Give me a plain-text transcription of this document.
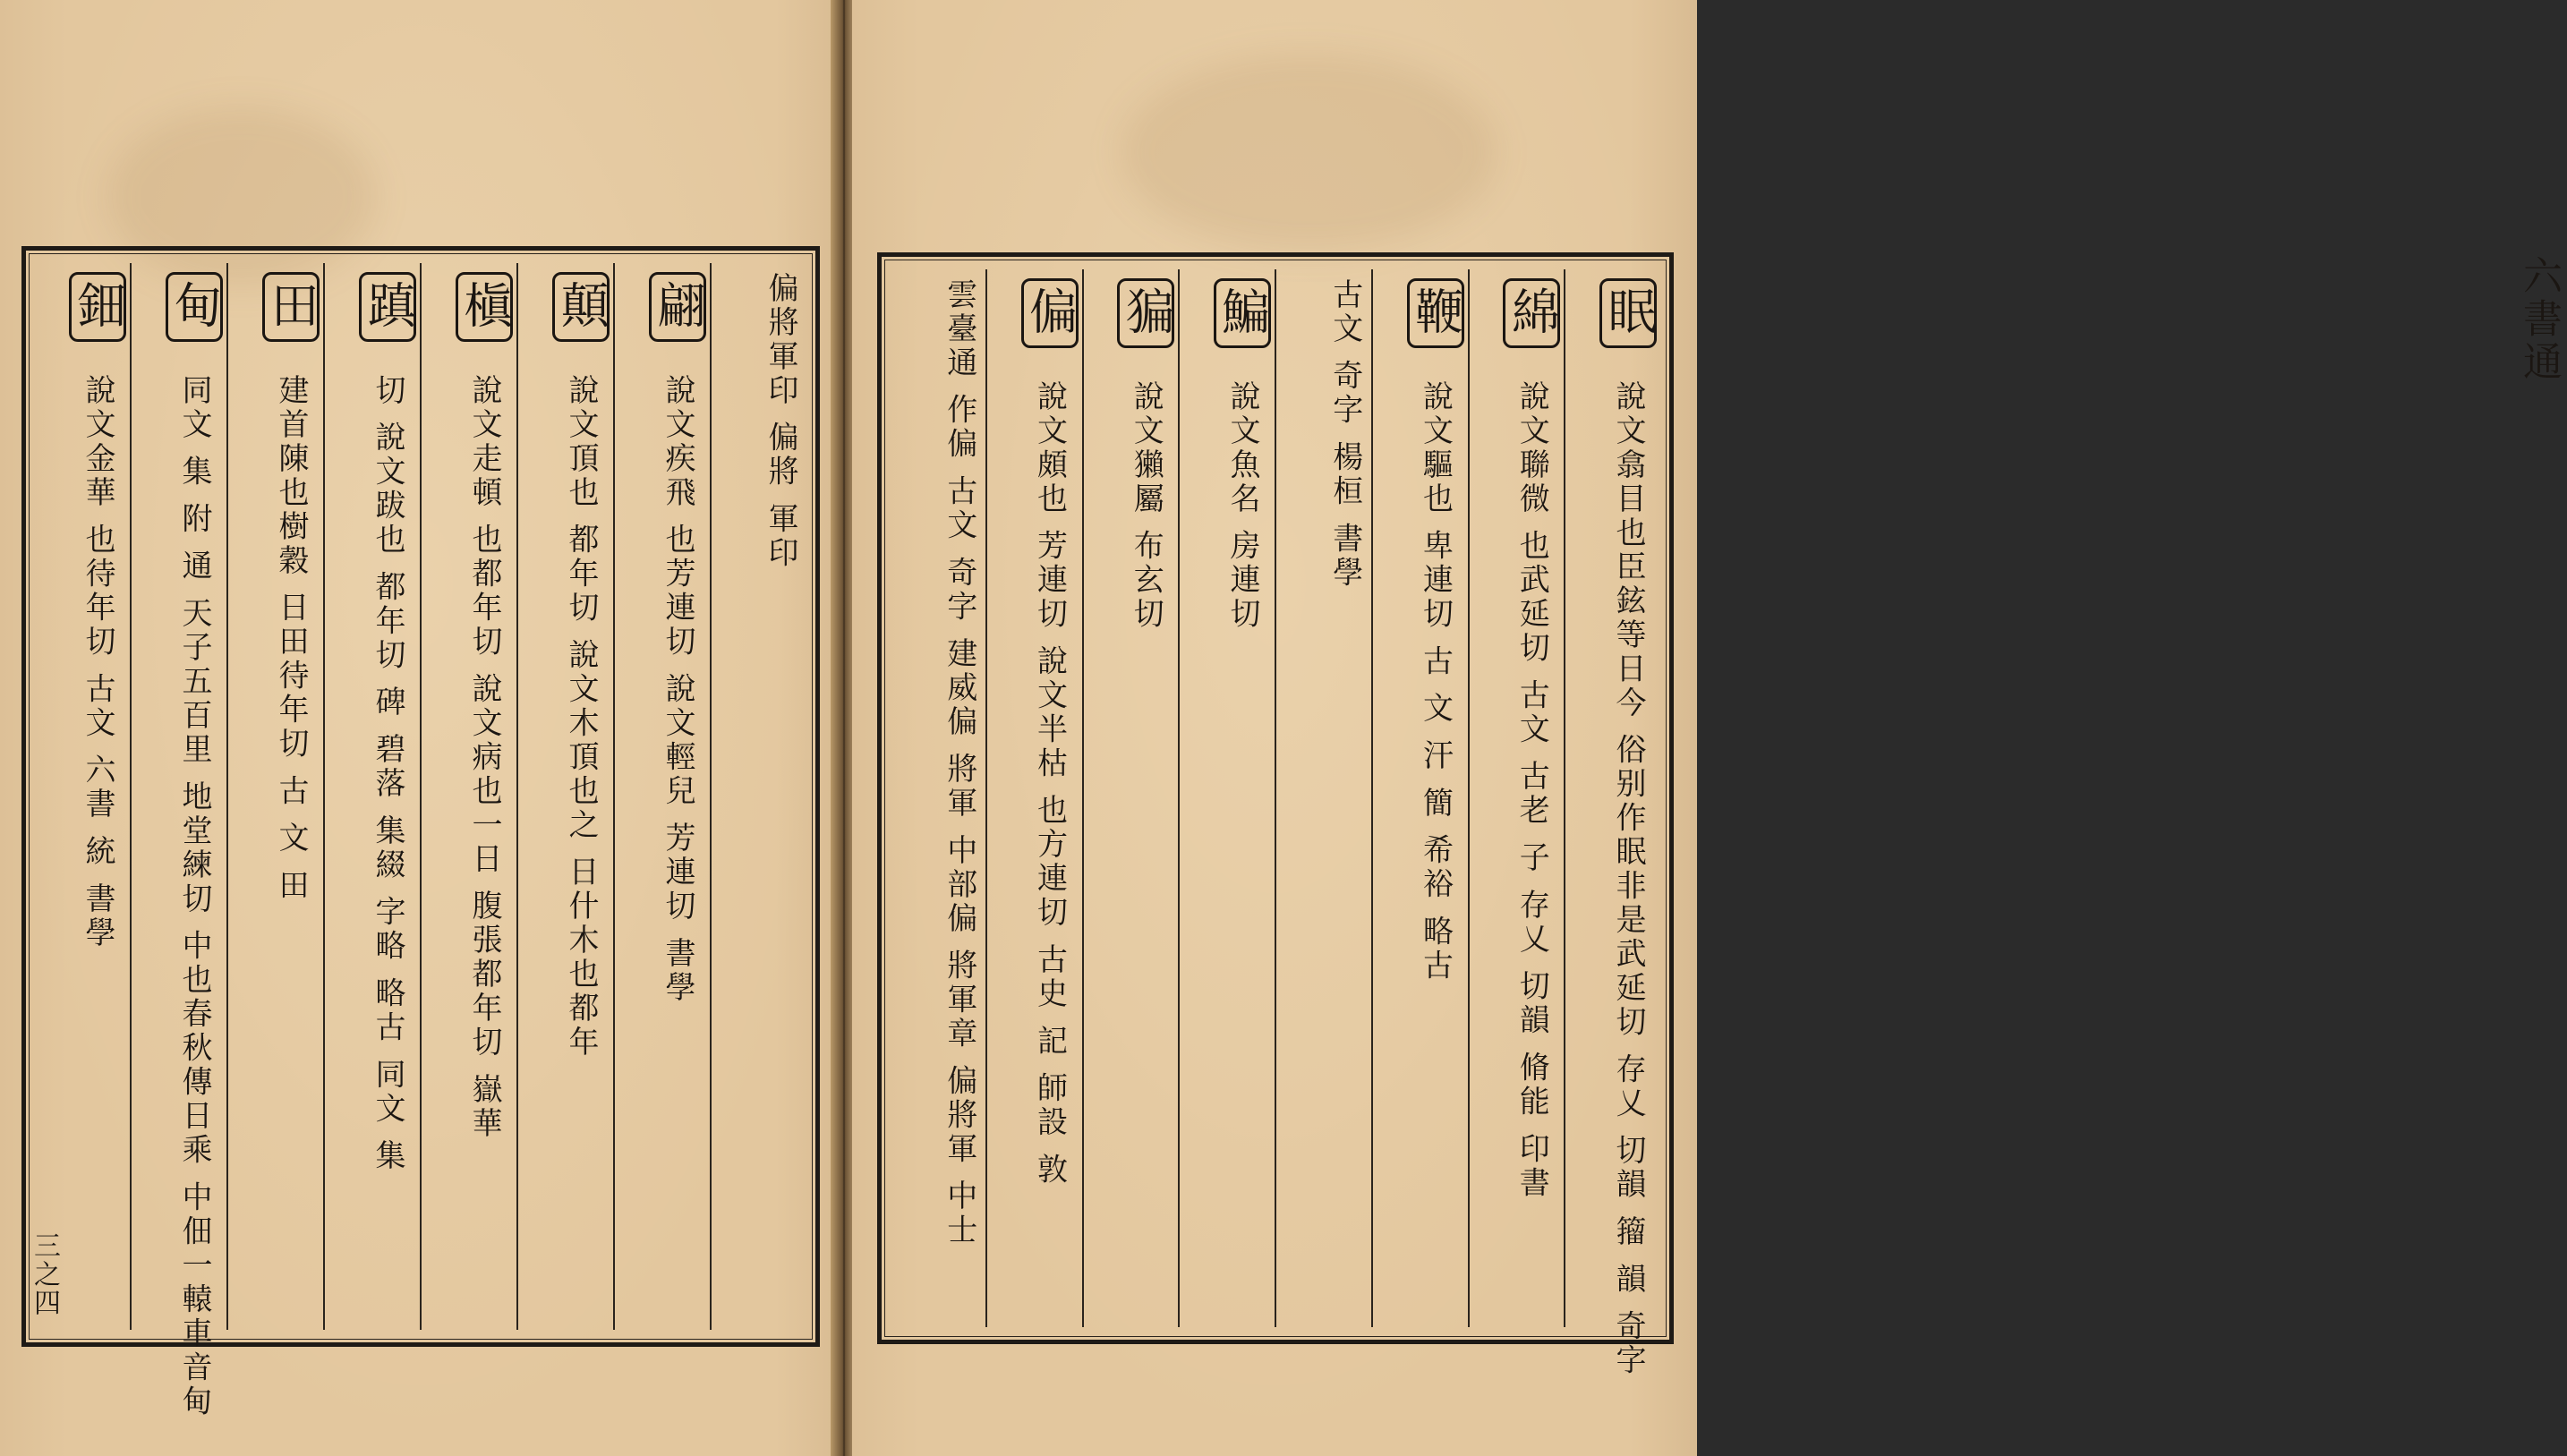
偏將軍印 偏將 軍印
翩 說文疾飛 也芳連切 說文輕兒 芳連切 書學
顛 說文頂也 都年切 說文木頂也之 日什木也都年
槇 說文走頓 也都年切 說文病也一日 腹張都年切 嶽華
蹎 切 說文跋也 都年切 碑 碧落 集綴 字略 略古 同文 集
田 建首陳也樹穀 日田待年切 古 文 田
甸 同文 集 附 通 天子五百里 地堂練切 中也春秋傳日乘 中佃一轅車音甸
鈿 說文金華 也待年切 古文 六書 統 書學
三之四
眠 說文翕目也臣鉉等日今 俗别作眠非是武延切 存乂 切韻 籀 韻 奇字
綿 說文聯微 也武延切 古文 古老 子 存乂 切韻 脩能 印書
鞭 說文驅也 卑連切 古 文 汗 簡 希裕 略古
古文 奇字 楊桓 書學
鯿 說文魚名 房連切
猵 說文獺屬 布玄切
偏 說文頗也 芳連切 說文半枯 也方連切 古史 記 師設 敦
雲臺通 作偏 古文 奇字 建威偏 將軍 中部偏 將軍章 偏將軍 中士	六書通
